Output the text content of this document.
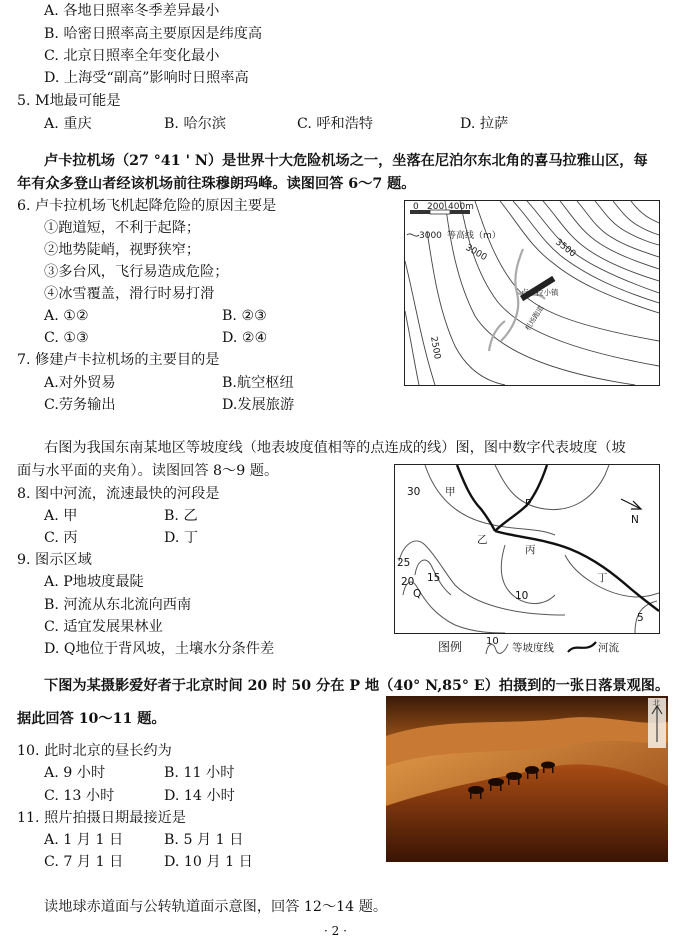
A. 各地日照率冬季差异最小
B. 哈密日照率高主要原因是纬度高
C. 北京日照率全年变化最小
D. 上海受“副高”影响时日照率高
5. M地最可能是
A. 重庆	B. 哈尔滨	C. 呼和浩特	D. 拉萨
卢卡拉机场（27 °41 ' N）是世界十大危险机场之一，坐落在尼泊尔东北角的喜马拉雅山区，每
年有众多登山者经该机场前往珠穆朗玛峰。读图回答 6～7 题。
6. 卢卡拉机场飞机起降危险的原因主要是
①跑道短，不利于起降；
②地势陡峭，视野狭窄；
③多台风，飞行易造成危险；
④冰雪覆盖，滑行时易打滑
A. ①②	B. ②③
C. ①③	D. ②④
7. 修建卢卡拉机场的主要目的是
A.对外贸易	B.航空枢纽
C.劳务输出	D.发展旅游
0 200 400m
3000 等高线（m）
3500
3000
2500
卢卡拉小镇
机场跑道
右图为我国东南某地区等坡度线（地表坡度值相等的点连成的线）图，图中数字代表坡度（坡
面与水平面的夹角）。读图回答 8～9 题。
8. 图中河流，流速最快的河段是
A. 甲	B. 乙
C. 丙	D. 丁
9. 图示区域
A. P地坡度最陡
B. 河流从东北流向西南
C. 适宜发展果林业
D. Q地位于背风坡，土壤水分条件差
30 甲
P
N
乙
丙
25
20 15
Q	10
丁
5
图例 10
等坡度线	河流
下图为某摄影爱好者于北京时间 20 时 50 分在 P 地（40° N,85° E）拍摄到的一张日落景观图。
据此回答 10～11 题。
10. 此时北京的昼长约为
A. 9 小时	B. 11 小时
C. 13 小时	D. 14 小时
11. 照片拍摄日期最接近是
A. 1 月 1 日	B. 5 月 1 日
C. 7 月 1 日	D. 10 月 1 日
北
读地球赤道面与公转轨道面示意图，回答 12～14 题。
· 2 ·
